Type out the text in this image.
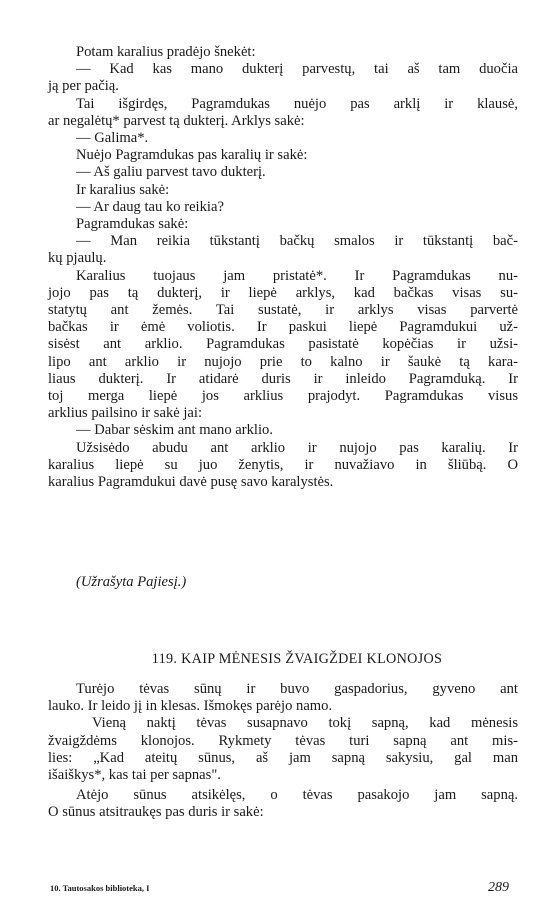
Potam karalius pradėjo šnekėt:
— Kad kas mano dukterį parvestų, tai aš tam duočia
ją per pačią.
Tai išgirdęs, Pagramdukas nuėjo pas arklį ir klausė,
ar negalėtų* parvest tą dukterį. Arklys sakė:
— Galima*.
Nuėjo Pagramdukas pas karalių ir sakė:
— Aš galiu parvest tavo dukterį.
Ir karalius sakė:
— Ar daug tau ko reikia?
Pagramdukas sakė:
— Man reikia tūkstantį bačkų smalos ir tūkstantį bač-
kų pjaulų.
Karalius tuojaus jam pristatė*. Ir Pagramdukas nu-
jojo pas tą dukterį, ir liepė arklys, kad bačkas visas su-
statytų ant žemės. Tai sustatė, ir arklys visas parvertė
bačkas ir ėmė voliotis. Ir paskui liepė Pagramdukui už-
sisėst ant arklio. Pagramdukas pasistatė kopėčias ir užsi-
lipo ant arklio ir nujojo prie to kalno ir šaukė tą kara-
liaus dukterį. Ir atidarė duris ir inleido Pagramduką. Ir
toj merga liepė jos arklius prajodyt. Pagramdukas visus
arklius pailsino ir sakė jai:
— Dabar sėskim ant mano arklio.
Užsisėdo abudu ant arklio ir nujojo pas karalių. Ir
karalius liepė su juo ženytis, ir nuvažiavo in šliūbą. O
karalius Pagramdukui davė pusę savo karalystės.
(Užrašyta Pajiesį.)
119. KAIP MĖNESIS ŽVAIGŽDEI KLONOJOS
Turėjo tėvas sūnų ir buvo gaspadorius, gyveno ant
lauko. Ir leido jį in klesas. Išmokęs parėjo namo.
Vieną naktį tėvas susapnavo tokį sapną, kad mėnesis
žvaigždėms klonojos. Rykmety tėvas turi sapną ant mis-
lies: „Kad ateitų sūnus, aš jam sapną sakysiu, gal man
išaiškys*, kas tai per sapnas".
Atėjo sūnus atsikėlęs, o tėvas pasakojo jam sapną.
O sūnus atsitraukęs pas duris ir sakė:
10. Tautosakos biblioteka, I	289
